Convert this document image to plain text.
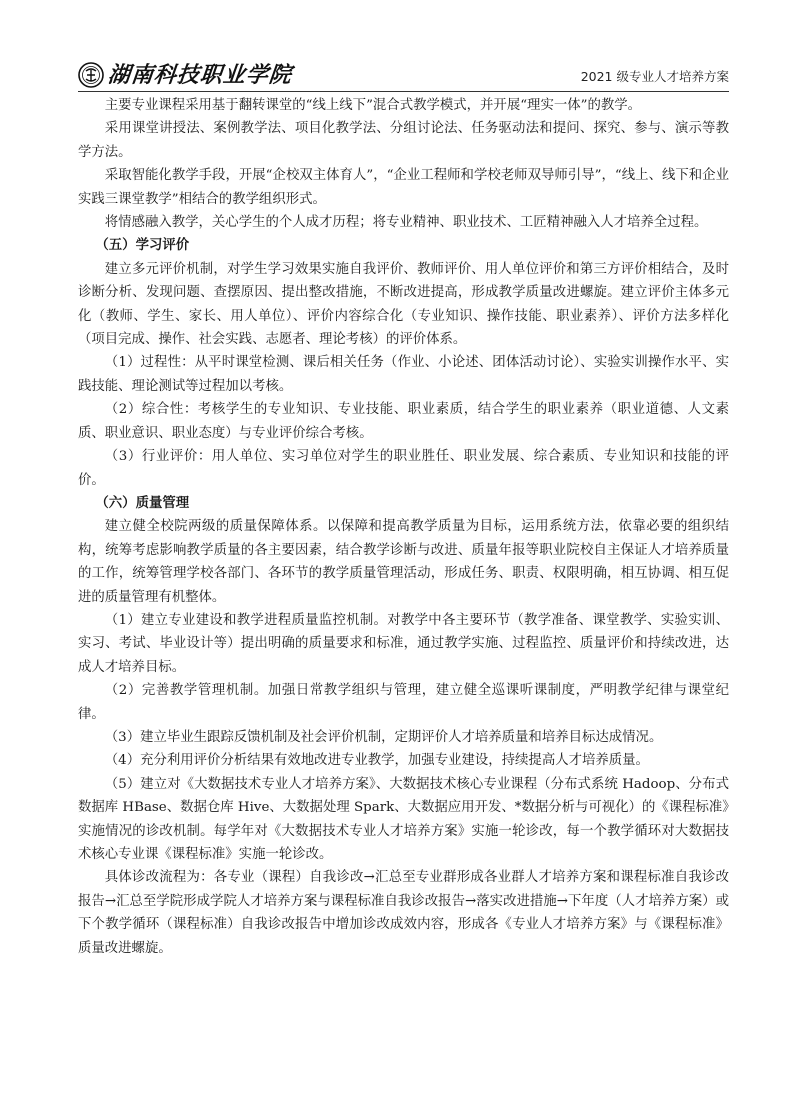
湖南科技职业学院	2021 级专业人才培养方案

主要专业课程采用基于翻转课堂的“线上线下”混合式教学模式，并开展“理实一体”的教学。

采用课堂讲授法、案例教学法、项目化教学法、分组讨论法、任务驱动法和提问、探究、参与、演示等教学方法。

采取智能化教学手段，开展“企校双主体育人”，“企业工程师和学校老师双导师引导”，“线上、线下和企业实践三课堂教学”相结合的教学组织形式。

将情感融入教学，关心学生的个人成才历程；将专业精神、职业技术、工匠精神融入人才培养全过程。

（五）学习评价

建立多元评价机制，对学生学习效果实施自我评价、教师评价、用人单位评价和第三方评价相结合，及时诊断分析、发现问题、查摆原因、提出整改措施，不断改进提高，形成教学质量改进螺旋。建立评价主体多元化（教师、学生、家长、用人单位）、评价内容综合化（专业知识、操作技能、职业素养）、评价方法多样化（项目完成、操作、社会实践、志愿者、理论考核）的评价体系。

（1）过程性：从平时课堂检测、课后相关任务（作业、小论述、团体活动讨论）、实验实训操作水平、实践技能、理论测试等过程加以考核。

（2）综合性：考核学生的专业知识、专业技能、职业素质，结合学生的职业素养（职业道德、人文素质、职业意识、职业态度）与专业评价综合考核。

（3）行业评价：用人单位、实习单位对学生的职业胜任、职业发展、综合素质、专业知识和技能的评价。

（六）质量管理

建立健全校院两级的质量保障体系。以保障和提高教学质量为目标，运用系统方法，依靠必要的组织结构，统筹考虑影响教学质量的各主要因素，结合教学诊断与改进、质量年报等职业院校自主保证人才培养质量的工作，统筹管理学校各部门、各环节的教学质量管理活动，形成任务、职责、权限明确，相互协调、相互促进的质量管理有机整体。

（1）建立专业建设和教学进程质量监控机制。对教学中各主要环节（教学准备、课堂教学、实验实训、实习、考试、毕业设计等）提出明确的质量要求和标准，通过教学实施、过程监控、质量评价和持续改进，达成人才培养目标。

（2）完善教学管理机制。加强日常教学组织与管理，建立健全巡课听课制度，严明教学纪律与课堂纪律。

（3）建立毕业生跟踪反馈机制及社会评价机制，定期评价人才培养质量和培养目标达成情况。

（4）充分利用评价分析结果有效地改进专业教学，加强专业建设，持续提高人才培养质量。

（5）建立对《大数据技术专业人才培养方案》、大数据技术核心专业课程（分布式系统 Hadoop、分布式数据库 HBase、数据仓库 Hive、大数据处理 Spark、大数据应用开发、*数据分析与可视化）的《课程标准》实施情况的诊改机制。每学年对《大数据技术专业人才培养方案》实施一轮诊改，每一个教学循环对大数据技术核心专业课《课程标准》实施一轮诊改。

具体诊改流程为：各专业（课程）自我诊改→汇总至专业群形成各业群人才培养方案和课程标准自我诊改报告→汇总至学院形成学院人才培养方案与课程标准自我诊改报告→落实改进措施→下年度（人才培养方案）或下个教学循环（课程标准）自我诊改报告中增加诊改成效内容，形成各《专业人才培养方案》与《课程标准》质量改进螺旋。
